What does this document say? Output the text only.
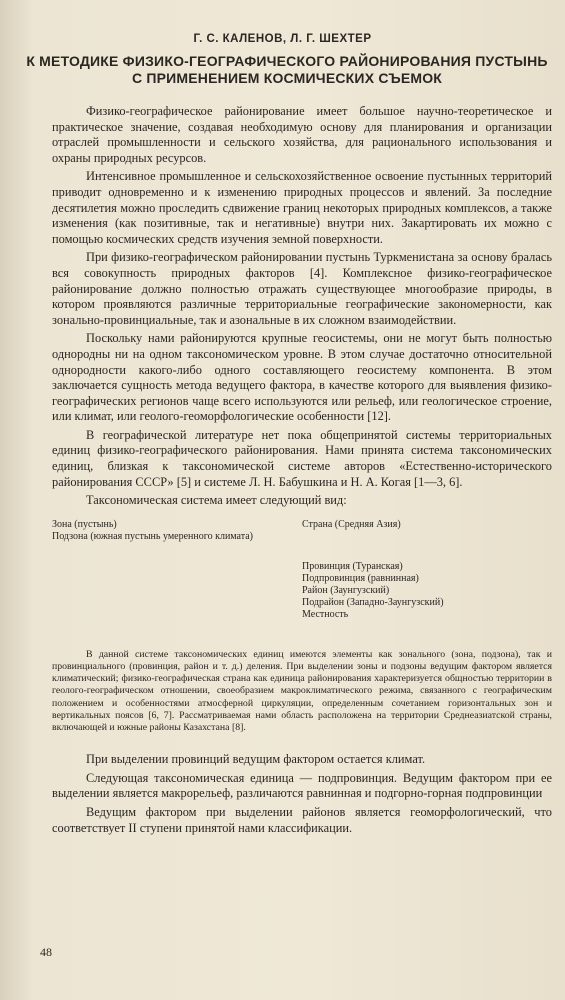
Г. С. КАЛЕНОВ, Л. Г. ШЕХТЕР
К МЕТОДИКЕ ФИЗИКО-ГЕОГРАФИЧЕСКОГО РАЙОНИРОВАНИЯ ПУСТЫНЬ С ПРИМЕНЕНИЕМ КОСМИЧЕСКИХ СЪЕМОК

Физико-географическое районирование имеет большое научно-теоретическое и практическое значение, создавая необходимую основу для планирования и организации отраслей промышленности и сельского хозяйства, для рационального использования и охраны природных ресурсов.

Интенсивное промышленное и сельскохозяйственное освоение пустынных территорий приводит одновременно и к изменению природных процессов и явлений. За последние десятилетия можно проследить сдвижение границ некоторых природных комплексов, а также изменения (как позитивные, так и негативные) внутри них. Закартировать их можно с помощью космических средств изучения земной поверхности.

При физико-географическом районировании пустынь Туркменистана за основу бралась вся совокупность природных факторов [4]. Комплексное физико-географическое районирование должно полностью отражать существующее многообразие природы, в котором проявляются различные территориальные географические закономерности, как зонально-провинциальные, так и азональные в их сложном взаимодействии.

Поскольку нами районируются крупные геосистемы, они не могут быть полностью однородны ни на одном таксономическом уровне. В этом случае достаточно относительной однородности какого-либо одного составляющего геосистему компонента. В этом заключается сущность метода ведущего фактора, в качестве которого для выявления физико-географических регионов чаще всего используются или рельеф, или геологическое строение, или климат, или геолого-геоморфологические особенности [12].

В географической литературе нет пока общепринятой системы территориальных единиц физико-географического районирования. Нами принята система таксономических единиц, близкая к таксономической системе авторов «Естественно-исторического районирования СССР» [5] и системе Л. Н. Бабушкина и Н. А. Когая [1—3, 6].

Таксономическая система имеет следующий вид:

Зона (пустынь)
Подзона (южная пустынь умеренного климата)
Страна (Средняя Азия)
Провинция (Туранская)
Подпровинция (равнинная)
Район (Заунгузский)
Подрайон (Западно-Заунгузский)
Местность

В данной системе таксономических единиц имеются элементы как зонального (зона, подзона), так и провинциального (провинция, район и т. д.) деления. При выделении зоны и подзоны ведущим фактором является климатический; физико-географическая страна как единица районирования характеризуется общностью территории в геолого-географическом отношении, своеобразием макроклиматического режима, связанного с географическим положением и особенностями атмосферной циркуляции, определенным сочетанием горизонтальных зон и вертикальных поясов [6, 7]. Рассматриваемая нами область расположена на территории Среднеазиатской страны, включающей и южные районы Казахстана [8].

При выделении провинций ведущим фактором остается климат.

Следующая таксономическая единица — подпровинция. Ведущим фактором при ее выделении является макрорельеф, различаются равнинная и подгорно-горная подпровинции

Ведущим фактором при выделении районов является геоморфологический, что соответствует II ступени принятой нами классификации.

48
